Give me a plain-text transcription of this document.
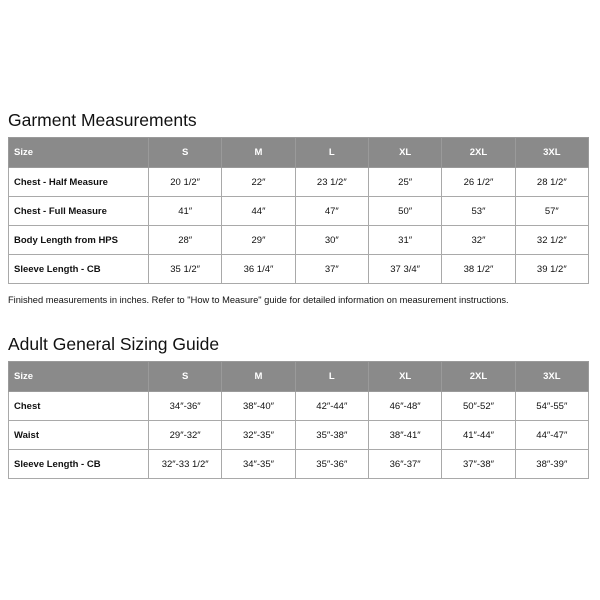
Garment Measurements
Size	S	M	L	XL	2XL	3XL
Chest - Half Measure	20 1/2″	22″	23 1/2″	25″	26 1/2″	28 1/2″
Chest - Full Measure	41″	44″	47″	50″	53″	57″
Body Length from HPS	28″	29″	30″	31″	32″	32 1/2″
Sleeve Length - CB	35 1/2″	36 1/4″	37″	37 3/4″	38 1/2″	39 1/2″
Finished measurements in inches. Refer to "How to Measure" guide for detailed information on measurement instructions.
Adult General Sizing Guide
Size	S	M	L	XL	2XL	3XL
Chest	34″-36″	38″-40″	42″-44″	46″-48″	50″-52″	54″-55″
Waist	29″-32″	32″-35″	35″-38″	38″-41″	41″-44″	44″-47″
Sleeve Length - CB	32″-33 1/2″	34″-35″	35″-36″	36″-37″	37″-38″	38″-39″
